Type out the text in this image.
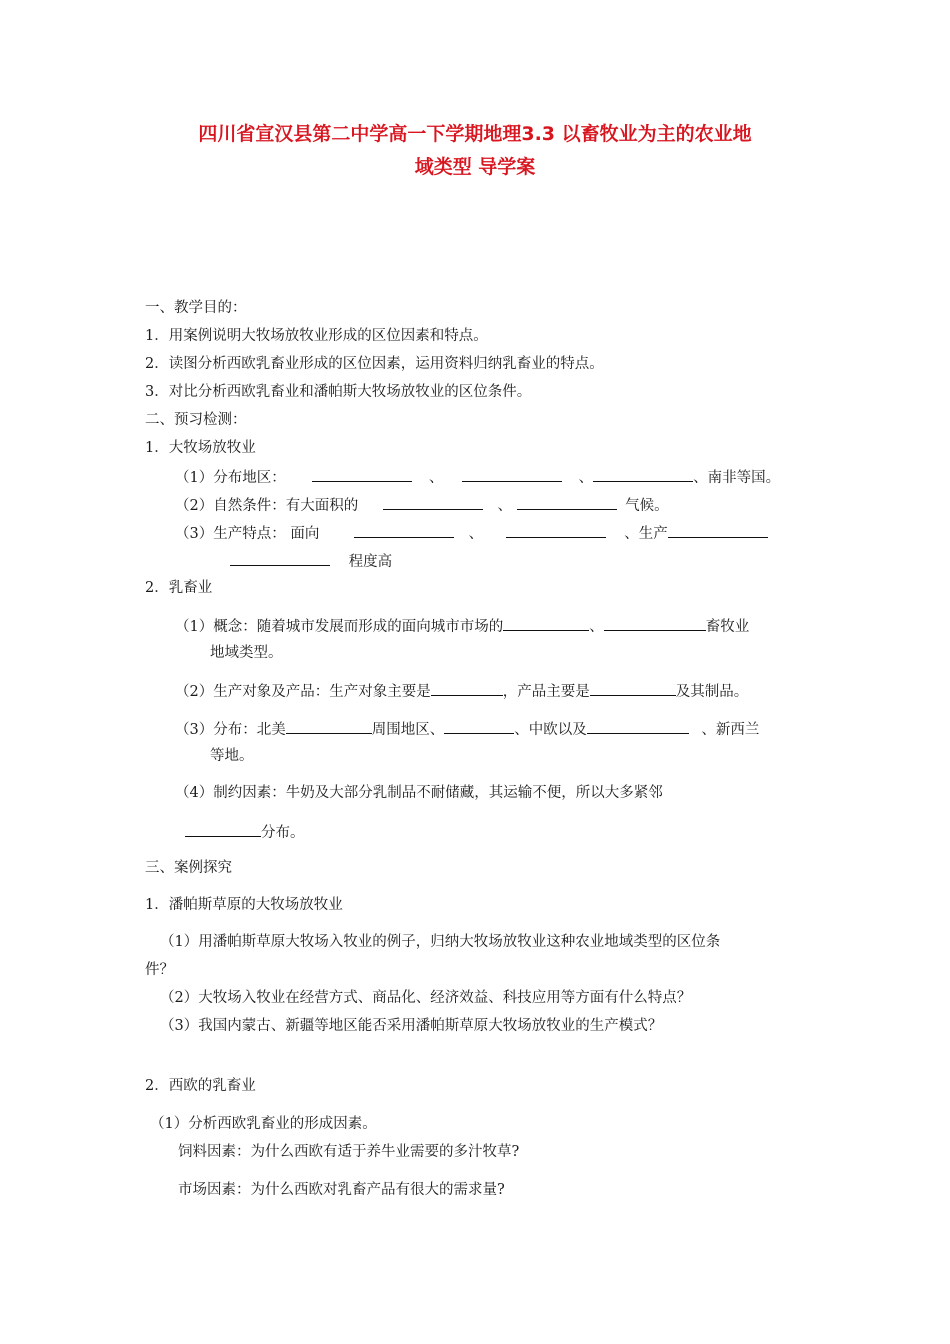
四川省宣汉县第二中学高一下学期地理3.3 以畜牧业为主的农业地
域类型 导学案
一、教学目的：
1．用案例说明大牧场放牧业形成的区位因素和特点。
2．读图分析西欧乳畜业形成的区位因素，运用资料归纳乳畜业的特点。
3．对比分析西欧乳畜业和潘帕斯大牧场放牧业的区位条件。
二、预习检测：
1．大牧场放牧业
（1）分布地区：	、	、	、南非等国。
（2）自然条件：有大面积的	、	气候。
（3）生产特点： 面向	、	、生产
程度高
2．乳畜业
（1）概念：随着城市发展而形成的面向城市市场的	、	畜牧业
地域类型。
（2）生产对象及产品：生产对象主要是	，产品主要是	及其制品。
（3）分布：北美	周围地区、	、中欧以及	、新西兰
等地。
（4）制约因素：牛奶及大部分乳制品不耐储藏，其运输不便，所以大多紧邻
分布。
三、案例探究
1．潘帕斯草原的大牧场放牧业
（1）用潘帕斯草原大牧场入牧业的例子，归纳大牧场放牧业这种农业地域类型的区位条
件？
（2）大牧场入牧业在经营方式、商品化、经济效益、科技应用等方面有什么特点？
（3）我国内蒙古、新疆等地区能否采用潘帕斯草原大牧场放牧业的生产模式？
2．西欧的乳畜业
（1）分析西欧乳畜业的形成因素。
饲料因素：为什么西欧有适于养牛业需要的多汁牧草?
市场因素：为什么西欧对乳畜产品有很大的需求量?
